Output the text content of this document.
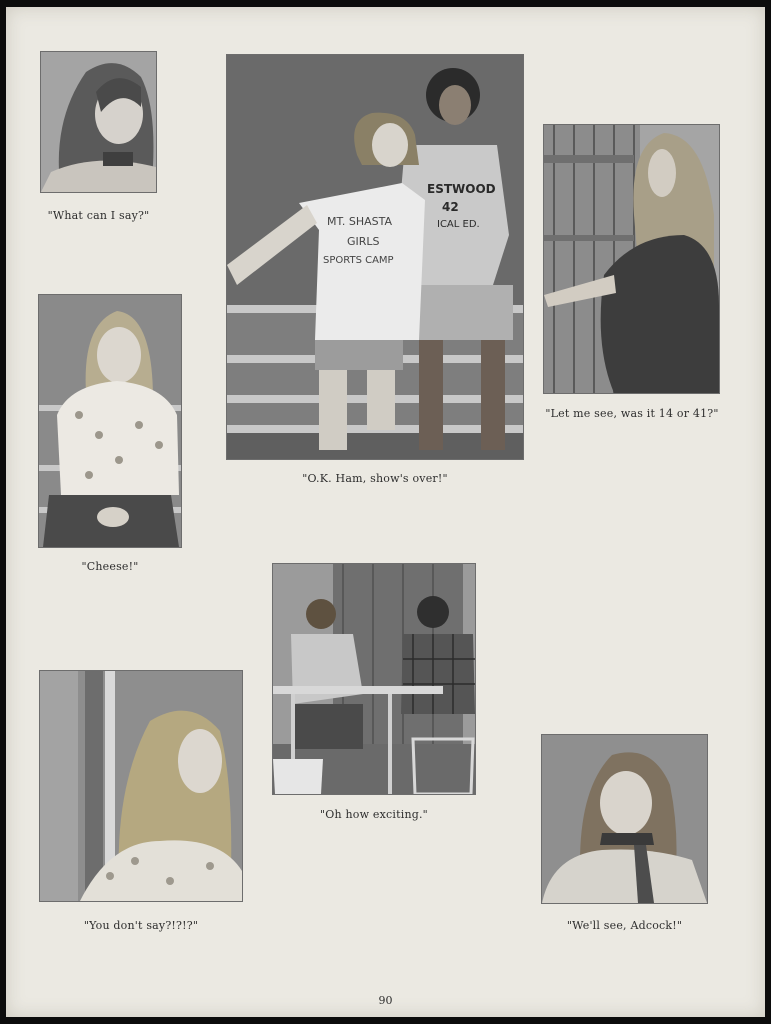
"What can I say?"
ESTWOOD
42
ICAL ED.
MT. SHASTA
GIRLS
SPORTS CAMP
"O.K. Ham, show's over!"
"Let me see, was it 14 or 41?"
"Cheese!"
"Oh how exciting."
"You don't say?!?!?"	"We'll see, Adcock!"
90
